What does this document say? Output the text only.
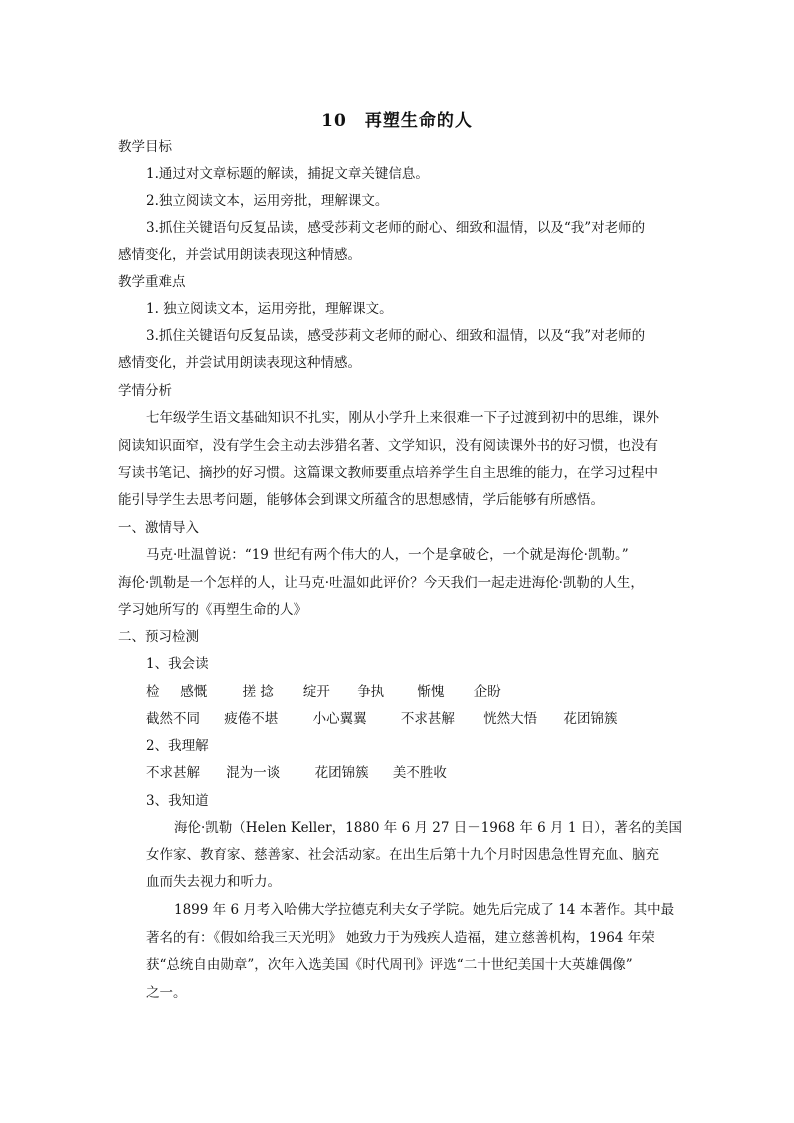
10　再塑生命的人
教学目标
1.通过对文章标题的解读，捕捉文章关键信息。
2.独立阅读文本，运用旁批，理解课文。
3.抓住关键语句反复品读，感受莎莉文老师的耐心、细致和温情，以及“我”对老师的
感情变化，并尝试用朗读表现这种情感。
教学重难点
1. 独立阅读文本，运用旁批，理解课文。
3.抓住关键语句反复品读，感受莎莉文老师的耐心、细致和温情，以及“我”对老师的
感情变化，并尝试用朗读表现这种情感。
学情分析
七年级学生语文基础知识不扎实，刚从小学升上来很难一下子过渡到初中的思维，课外
阅读知识面窄，没有学生会主动去涉猎名著、文学知识，没有阅读课外书的好习惯，也没有
写读书笔记、摘抄的好习惯。这篇课文教师要重点培养学生自主思维的能力，在学习过程中
能引导学生去思考问题，能够体会到课文所蕴含的思想感情，学后能够有所感悟。
一、激情导入
马克·吐温曾说：“19 世纪有两个伟大的人，一个是拿破仑，一个就是海伦·凯勒。”
海伦·凯勒是一个怎样的人，让马克·吐温如此评价？今天我们一起走进海伦·凯勒的人生，
学习她所写的《再塑生命的人》
二、预习检测
1、我会读
检 感慨	搓 捻 绽开 争执 惭愧 企盼
截然不同 疲倦不堪	小心翼翼	不求甚解 恍然大悟 花团锦簇
2、我理解
不求甚解 混为一谈	花团锦簇 美不胜收
3、我知道
海伦·凯勒（Helen Keller，1880 年 6 月 27 日－1968 年 6 月 1 日），著名的美国
女作家、教育家、慈善家、社会活动家。在出生后第十九个月时因患急性胃充血、脑充
血而失去视力和听力。
1899 年 6 月考入哈佛大学拉德克利夫女子学院。她先后完成了 14 本著作。其中最
著名的有：《假如给我三天光明》 她致力于为残疾人造福，建立慈善机构，1964 年荣
获“总统自由勋章”，次年入选美国《时代周刊》评选“二十世纪美国十大英雄偶像”
之一。
